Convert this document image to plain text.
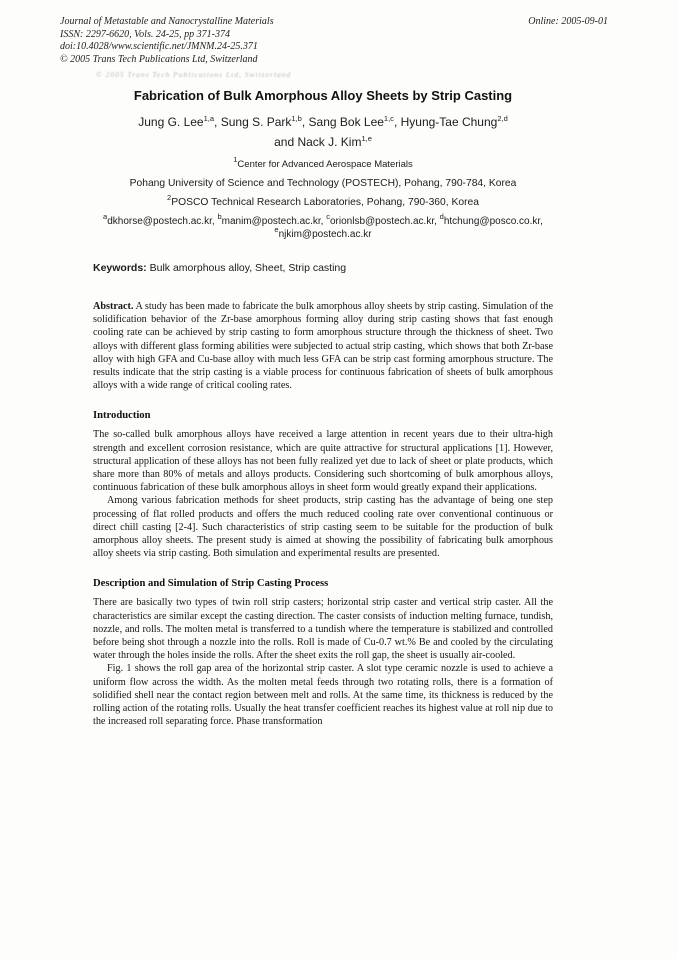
Journal of Metastable and Nanocrystalline Materials
ISSN: 2297-6620, Vols. 24-25, pp 371-374
doi:10.4028/www.scientific.net/JMNM.24-25.371
© 2005 Trans Tech Publications Ltd, Switzerland
Online: 2005-09-01
© 2005 Trans Tech Publications Ltd, Switzerland
Fabrication of Bulk Amorphous Alloy Sheets by Strip Casting
Jung G. Lee$^{1,a}$, Sung S. Park$^{1,b}$, Sang Bok Lee$^{1,c}$, Hyung-Tae Chung$^{2,d}$
and Nack J. Kim$^{1,e}$
$^1$Center for Advanced Aerospace Materials
Pohang University of Science and Technology (POSTECH), Pohang, 790-784, Korea
$^2$POSCO Technical Research Laboratories, Pohang, 790-360, Korea
$^a$dkhorse@postech.ac.kr, $^b$manim@postech.ac.kr, $^c$orionlsb@postech.ac.kr, $^d$htchung@posco.co.kr,
$^e$njkim@postech.ac.kr
Keywords: Bulk amorphous alloy, Sheet, Strip casting

Abstract. A study has been made to fabricate the bulk amorphous alloy sheets by strip casting. Simulation of the solidification behavior of the Zr-base amorphous forming alloy during strip casting shows that fast enough cooling rate can be achieved by strip casting to form amorphous structure through the thickness of sheet. Two alloys with different glass forming abilities were subjected to actual strip casting, which shows that both Zr-base alloy with high GFA and Cu-base alloy with much less GFA can be strip cast forming amorphous structure. The results indicate that the strip casting is a viable process for continuous fabrication of sheets of bulk amorphous alloys with a wide range of critical cooling rates.

Introduction

The so-called bulk amorphous alloys have received a large attention in recent years due to their ultra-high strength and excellent corrosion resistance, which are quite attractive for structural applications [1]. However, structural application of these alloys has not been fully realized yet due to lack of sheet or plate products, which share more than 80% of metals and alloys products. Considering such shortcoming of bulk amorphous alloys, continuous fabrication of these bulk amorphous alloys in sheet form would greatly expand their applications.

Among various fabrication methods for sheet products, strip casting has the advantage of being one step processing of flat rolled products and offers the much reduced cooling rate over conventional continuous or direct chill casting [2-4]. Such characteristics of strip casting seem to be suitable for the production of bulk amorphous alloy sheets. The present study is aimed at showing the possibility of fabricating bulk amorphous alloy sheets via strip casting. Both simulation and experimental results are presented.

Description and Simulation of Strip Casting Process

There are basically two types of twin roll strip casters; horizontal strip caster and vertical strip caster. All the characteristics are similar except the casting direction. The caster consists of induction melting furnace, tundish, nozzle, and rolls. The molten metal is transferred to a tundish where the temperature is stabilized and controlled before being shot through a nozzle into the rolls. Roll is made of Cu-0.7 wt.% Be and cooled by the circulating water through the holes inside the rolls. After the sheet exits the roll gap, the sheet is usually air-cooled.

Fig. 1 shows the roll gap area of the horizontal strip caster. A slot type ceramic nozzle is used to achieve a uniform flow across the width. As the molten metal feeds through two rotating rolls, there is a formation of solidified shell near the contact region between melt and rolls. At the same time, its thickness is reduced by the rolling action of the rotating rolls. Usually the heat transfer coefficient reaches its highest value at roll nip due to the increased roll separating force. Phase transformation
